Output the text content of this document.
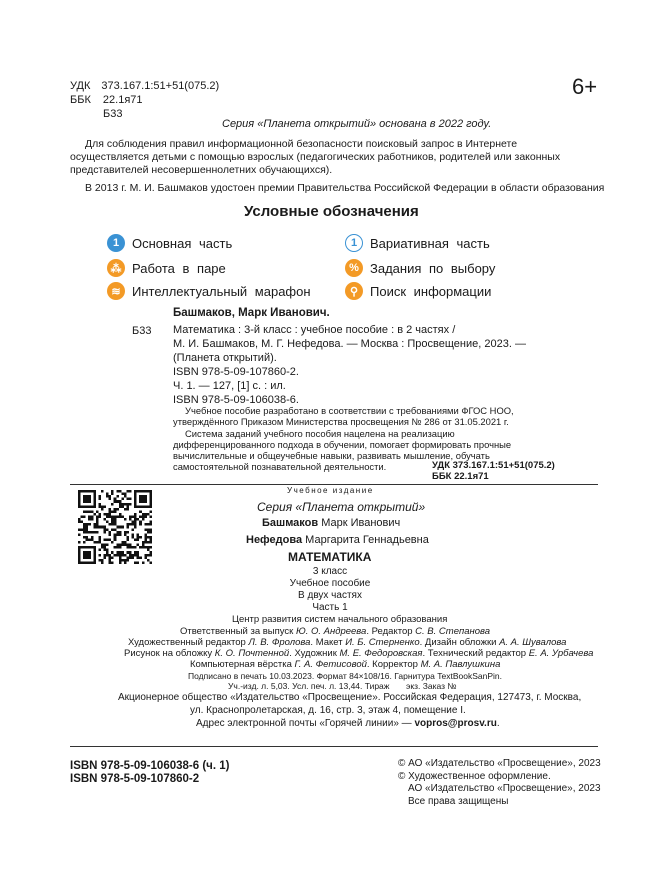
УДК 373.167.1:51+51(075.2)
ББК 22.1я71
Б33
6+
Серия «Планета открытий» основана в 2022 году.
Для соблюдения правил информационной безопасности поисковый запрос в Интернете осуществляется детьми с помощью взрослых (педагогических работников, родителей или законных представителей несовершеннолетних обучающихся).
В 2013 г. М. И. Башмаков удостоен премии Правительства Российской Федерации в области образования
Условные обозначения
1 Основная часть	1 Вариативная часть
⁂ Работа в паре	% Задания по выбору
≋ Интеллектуальный марафон	⚲ Поиск информации
Башмаков, Марк Иванович.
Б33 Математика : 3-й класс : учебное пособие : в 2 частях /
М. И. Башмаков, М. Г. Нефедова. — Москва : Просвещение, 2023. —
(Планета открытий).
ISBN 978-5-09-107860-2.
Ч. 1. — 127, [1] с. : ил.
ISBN 978-5-09-106038-6.
Учебное пособие разработано в соответствии с требованиями ФГОС НОО, утверждённого Приказом Министерства просвещения № 286 от 31.05.2021 г.
Система заданий учебного пособия нацелена на реализацию дифференцированного подхода в обучении, помогает формировать прочные вычислительные и общеучебные навыки, развивать мышление, обучать самостоятельной познавательной деятельности.	УДК 373.167.1:51+51(075.2)
ББК 22.1я71
Учебное издание
Серия «Планета открытий»
Башмаков Марк Иванович
Нефедова Маргарита Геннадьевна
МАТЕМАТИКА
3 класс
Учебное пособие
В двух частях
Часть 1
Центр развития систем начального образования
Ответственный за выпуск Ю. О. Андреева. Редактор С. В. Степанова
Художественный редактор Л. В. Фролова. Макет И. Б. Стерненко. Дизайн обложки А. А. Шувалова
Рисунок на обложку К. О. Почтенной. Художник М. Е. Федоровская. Технический редактор Е. А. Урбачева
Компьютерная вёрстка Г. А. Фетисовой. Корректор М. А. Павлушкина
Подписано в печать 10.03.2023. Формат 84×108/16. Гарнитура TextBookSanPin.
Уч.-изд. л. 5,03. Усл. печ. л. 13,44. Тираж       экз. Заказ №
Акционерное общество «Издательство «Просвещение». Российская Федерация, 127473, г. Москва,
ул. Краснопролетарская, д. 16, стр. 3, этаж 4, помещение I.
Адрес электронной почты «Горячей линии» — vopros@prosv.ru.
ISBN 978-5-09-106038-6 (ч. 1)
ISBN 978-5-09-107860-2
© АО «Издательство «Просвещение», 2023
© Художественное оформление.
АО «Издательство «Просвещение», 2023
Все права защищены
